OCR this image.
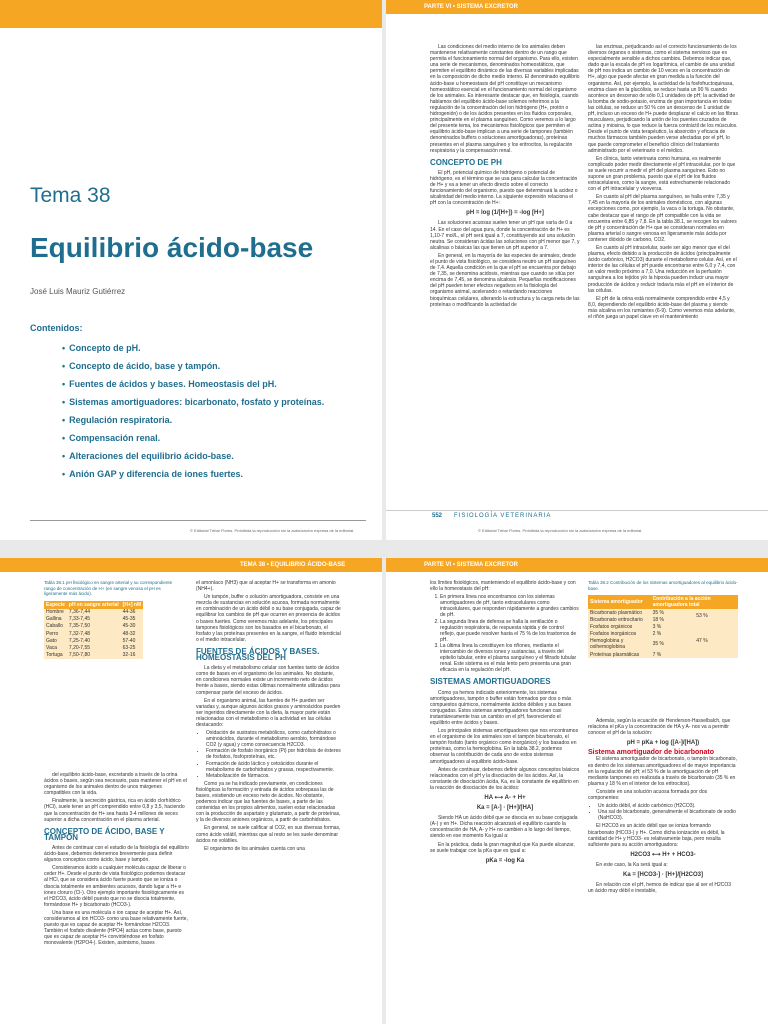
Tema 38
Equilibrio ácido-base
José Luis Mauriz Gutiérrez
Contenidos:
• Concepto de pH.
• Concepto de ácido, base y tampón.
• Fuentes de ácidos y bases. Homeostasis del pH.
• Sistemas amortiguadores: bicarbonato, fosfato y proteínas.
• Regulación respiratoria.
• Compensación renal.
• Alteraciones del equilibrio ácido-base.
• Anión GAP y diferencia de iones fuertes.
© Editorial Tébar Flores. Prohibida la reproducción sin la autorización expresa de la editorial.
PARTE VI • SISTEMA EXCRETOR

Las condiciones del medio interno de los animales deben mantenerse relativamente constantes dentro de un rango que permita el funcionamiento normal del organismo. Para ello, existen una serie de mecanismos, denominados homeostáticos, que permiten el equilibrio dinámico de las diversas variables implicadas en la composición de dicho medio interno. El denominado equilibrio ácido-base u homeostasis del pH constituye un mecanismo homeostático esencial en el funcionamiento normal del organismo de los animales. Es interesante destacar que, en fisiología, cuando hablamos del equilibrio ácido-base solemos referirnos a la regulación de la concentración del ion hidrógeno (H+, protón o hidrogenión) o de los ácidos presentes en los fluidos corporales, principalmente en el plasma sanguíneo. Como veremos a lo largo del presente tema, los mecanismos fisiológicos que permiten el equilibrio ácido-base implican a una serie de tampones (también denominados buffers o soluciones amortiguadoras), proteínas presentes en el plasma sanguíneo y los eritrocitos, la regulación respiratoria y la compensación renal.

CONCEPTO DE PH

El pH, potencial químico de hidrógeno o potencial de hidrógeno, es el término que se usa para calcular la concentración de H+ y va a tener un efecto directo sobre el correcto funcionamiento del organismo, puesto que determinará la acidez o alcalinidad del medio interno. La siguiente expresión relaciona el pH con la concentración de H+:

pH = log (1/[H+]) = -log [H+]

Las soluciones acuosas suelen tener un pH que varía de 0 a 14. En el caso del agua pura, donde la concentración de H+ es 1,10-7 mol/L, el pH será igual a 7, constituyendo así una solución neutra. Se consideran ácidas las soluciones con pH menor que 7, y alcalinas o básicas las que tienen un pH superior a 7.

En general, en la mayoría de las especies de animales, desde el punto de vista fisiológico, se considera neutro un pH sanguíneo de 7,4. Aquella condición en la que el pH se encuentra por debajo de 7,35, se denomina acidosis, mientras que cuando se sitúa por encima de 7,45, se denomina alcalosis. Pequeñas modificaciones del pH pueden tener efectos negativos en la fisiología del organismo animal, acelerando o retardando reacciones bioquímicas celulares, alterando la estructura y la carga neta de las proteínas o modificando la actividad de

las enzimas, perjudicando así el correcto funcionamiento de los diversos órganos o sistemas, como el sistema nervioso que es especialmente sensible a dichos cambios. Debemos indicar que, dado que la escala de pH es logarítmica, el cambio de una unidad de pH nos indica un cambio de 10 veces en la concentración de H+, algo que puede afectar en gran medida a la función del organismo. Así, por ejemplo, la actividad de la fosfofructoquinasa, enzima clave en la glucólisis, se reduce hasta un 90 % cuando acontece un descenso de sólo 0,1 unidades de pH; la actividad de la bomba de sodio-potasio, enzima de gran importancia en todas las células, se reduce un 50 % con un descenso de 1 unidad de pH, incluso un exceso de H+ puede desplazar el calcio en las fibras musculares, perjudicando la unión de los puentes cruzados de actina y miosina, lo que reduce la fuerza contráctil de los músculos. Desde el punto de vista terapéutico, la absorción y eficacia de muchos fármacos también pueden verse afectadas por el pH, lo que puede comprometer el beneficio clínico del tratamiento administrado por el veterinario o el médico.

En clínica, tanto veterinaria como humana, es realmente complicado poder medir directamente el pH intracelular, por lo que se suele recurrir a medir el pH del plasma sanguíneo. Esto no supone un gran problema, puesto que el pH de los fluidos extracelulares, como la sangre, está estrechamente relacionado con el pH intracelular y viceversa.

En cuanto al pH del plasma sanguíneo, se halla entre 7,35 y 7,45 en la mayoría de los animales domésticos, con algunas excepciones como, por ejemplo, la vaca o la tortuga. No obstante, cabe destacar que el rango de pH compatible con la vida se encuentra entre 6,85 y 7,8. En la tabla 38.1, se recogen los valores de pH y concentración de H+ que se consideran normales en plasma arterial o sangre venosa en ligeramente más ácida por contener dióxido de carbono, CO2.

En cuanto al pH intracelular, suele ser algo menor que el del plasma, efecto debido a la producción de ácidos (principalmente ácido carbónico, H2CO3) durante el metabolismo celular. Así, en el interior de las células el pH puede encontrarse entre 6,0 y 7,4, con un valor medio próximo a 7,0. Una reducción en la perfusión sanguínea a los tejidos y/o la hipoxia pueden inducir una mayor producción de ácidos y reducir todavía más el pH en el interior de las células.

El pH de la orina está normalmente comprendido entre 4,5 y 8,0, dependiendo del equilibrio ácido-base del plasma y siendo más alcalina en los rumiantes (6-9). Como veremos más adelante, el riñón juega un papel clave en el mantenimiento

552 FISIOLOGÍA VETERINARIA
© Editorial Tébar Flores. Prohibida la reproducción sin la autorización expresa de la editorial.
TEMA 38 • EQUILIBRIO ÁCIDO-BASE
Tabla 38.1 pH fisiológico en sangre arterial y su correspondiente rango de concentración de H+ (en sangre venosa el pH es ligeramente más ácido).
Especie	pH en sangre arterial	[H+] nM
Hombre	7,36-7,44	44-36
Gallina	7,33-7,45	45-35
Caballo	7,35-7,50	45-30
Perro	7,32-7,48	48-32
Gato	7,25-7,40	57-40
Vaca	7,20-7,55	63-25
Tortuga	7,50-7,80	32-16

del equilibrio ácido-base, excretando a través de la orina ácidos o bases, según sea necesario, para mantener el pH en el organismo de los animales dentro de unos márgenes compatibles con la vida.

Finalmente, la secreción gástrica, rica en ácido clorhídrico (HCl), suele tener un pH comprendido entre 0,8 y 3,5, haciendo que la concentración de H+ sea hasta 3-4 millones de veces superior a dicha concentración en el plasma arterial.

CONCEPTO DE ÁCIDO, BASE Y TAMPÓN

Antes de continuar con el estudio de la fisiología del equilibrio ácido-base, debemos detenernos brevemente para definir algunos conceptos como ácido, base y tampón.

Consideramos ácido a cualquier molécula capaz de liberar o ceder H+. Desde el punto de vista fisiológico podemos destacar al HCl, que se considera ácido fuerte puesto que se ioniza o disocia totalmente en ambientes acuosos, dando lugar a H+ e iones cloruro (Cl-). Otro ejemplo importante fisiológicamente es el H2CO3, ácido débil puesto que no se disocia totalmente, formándose H+ y bicarbonato (HCO3-).

Una base es una molécula o ion capaz de aceptar H+. Así, consideramos al ion HCO3- como una base relativamente fuerte, puesto que es capaz de aceptar H+ formándose H2CO3. También el fosfato divalente (HPO4) actúa como base, puesto que es capaz de aceptar H+ convirtiéndose en fosfato monovalente (H2PO4-). Existen, asimismo, bases

el amoníaco (NH3) que al aceptar H+ se transforma en amonio (NH4+).

Un tampón, buffer o solución amortiguadora, consiste en una mezcla de sustancias en solución acuosa, formada normalmente en combinación de un ácido débil o su base conjugada, capaz de equilibrar los cambios de pH que ocurren en presencia de ácidos o bases fuertes. Como veremos más adelante, los principales tampones fisiológicos son los basados en el bicarbonato, el fosfato y las proteínas presentes en la sangre, el fluido intersticial o el medio intracelular.

FUENTES DE ÁCIDOS Y BASES. HOMEOSTASIS DEL PH

La dieta y el metabolismo celular son fuentes tanto de ácidos como de bases en el organismo de los animales. No obstante, en condiciones normales existe un incremento neto de ácidos frente a bases, siendo estas últimas normalmente utilizadas para compensar parte del exceso de ácidos.

En el organismo animal, las fuentes de H+ pueden ser variadas y, aunque algunos ácidos grasos y aminoácidos pueden ser ingeridos directamente con la dieta, la mayor parte están relacionadas con el metabolismo o la actividad en las células destacando:

• Oxidación de sustratos metabólicos, como carbohidratos o aminoácidos, durante el metabolismo aerobio, formándose CO2 (y agua) y como consecuencia H2CO3.
• Formación de fosfato inorgánico (Pi) por hidrólisis de ésteres de fosfatos, fosfoproteínas, etc.
• Formación de ácido láctico y cetoácidos durante el metabolismo de carbohidratos y grasas, respectivamente.
• Metabolización de fármacos.

Como ya se ha indicado previamente, en condiciones fisiológicas la formación y entrada de ácidos sobrepasa las de bases, existiendo un exceso neto de ácidos. No obstante, podemos indicar que las fuentes de bases, a parte de las contenidas en los propios alimentos, suelen estar relacionadas con la producción de aspartato y glutamato, a partir de proteínas, y la de diversos aniones orgánicos, a partir de carbohidratos.

En general, se suele calificar al CO2, en sus diversas formas, como ácido volátil, mientras que al resto se les suele denominar ácidos no volátiles.

El organismo de los animales cuenta con una

PARTE VI • SISTEMA EXCRETOR

los límites fisiológicos, manteniendo el equilibrio ácido-base y con ello la homeostasis del pH:

1. En primera línea nos encontramos con los sistemas amortiguadores de pH, tanto extracelulares como intracelulares, que responden rápidamente a grandes cambios de pH.
2. La segunda línea de defensa se halla la ventilación o regulación respiratoria, de respuesta rápida y de control reflejo, que puede resolver hasta el 75 % de los trastornos de pH.
3. La última línea la constituyen los riñones, mediante el intercambio de diversos iones y sustancias, a través del epitelio tubular, entre el plasma sanguíneo y el filtrado tubular renal. Este sistema es el más lento pero presenta una gran eficacia en la regulación del pH.
SISTEMAS AMORTIGUADORES

Como ya hemos indicado anteriormente, los sistemas amortiguadores, tampón o buffer están formados por dos o más compuestos químicos, normalmente ácidos débiles y sus bases conjugadas. Estos sistemas amortiguadores funcionan casi instantáneamente tras un cambio en el pH, favoreciendo el equilibrio entre ácidos y bases.

Los principales sistemas amortiguadores que nos encontramos en el organismo de los animales son el tampón bicarbonato, el tampón fosfato (tanto orgánico como inorgánico) y los basados en proteínas, como la hemoglobina. En la tabla 38.2, podemos observar la contribución de cada uno de estos sistemas amortiguadores al equilibrio ácido-base.

Antes de continuar, debemos definir algunos conceptos básicos relacionados con el pH y la disociación de los ácidos. Así, la constante de disociación ácida, Ka, es la constante de equilibrio en la reacción de disociación de los ácidos:

HA ⟷ A- + H+
Ka = [A-] · [H+]/[HA]

Siendo HA un ácido débil que se disocia en su base conjugada (A-) y en H+. Dicha reacción alcanzará el equilibrio cuando la concentración de HA, A- y H+ no cambien a lo largo del tiempo, siendo en ese momento Ka igual a:

En la práctica, dada la gran magnitud que Ka puede alcanzar, se suele trabajar con la pKa que es igual a:

pKa = -log Ka
Tabla 38.2 Contribución de los sistemas amortiguadores al equilibrio ácido-base.
Sistema amortiguador	Contribución a la acción amortiguadora total	
Bicarbonato plasmático	35 %	53 %
Bicarbonato eritrocitario	18 %	
Fosfatos orgánicos	3 %	47 %
Fosfatos inorgánicos	2 %	
Hemoglobina y oxihemoglobina	35 %	
Proteínas plasmáticas	7 %	

Además, según la ecuación de Henderson-Hasselbalch, que relaciona el pKa y la concentración de HA y A- nos va a permitir conocer el pH de la solución:

pH = pKa + log ([A-]/[HA])
Sistema amortiguador de bicarbonato

El sistema amortiguador de bicarbonato, o tampón bicarbonato, es dentro de los sistemas amortiguadores el de mayor importancia en la regulación del pH; el 53 % de la amortiguación de pH mediante tampones es realizada a través de bicarbonato (35 % en plasma y 18 % en el interior de los eritrocitos).

Consiste en una solución acuosa formada por dos componentes:

• Un ácido débil, el ácido carbónico (H2CO3).
• Una sal de bicarbonato, generalmente el bicarbonato de sodio (NaHCO3).

El H2CO3 es un ácido débil que se ioniza formando bicarbonato (HCO3-) y H+. Como dicha ionización es débil, la cantidad de H+ y HCO3- es relativamente baja, pero resulta suficiente para su acción amortiguadora:

H2CO3 ⟷ H+ + HCO3-

En este caso, la Ka será igual a:

Ka = [HCO3-] · [H+]/[H2CO3]

En relación con el pH, hemos de indicar que al ser el H2CO3 un ácido muy débil e inestable,
